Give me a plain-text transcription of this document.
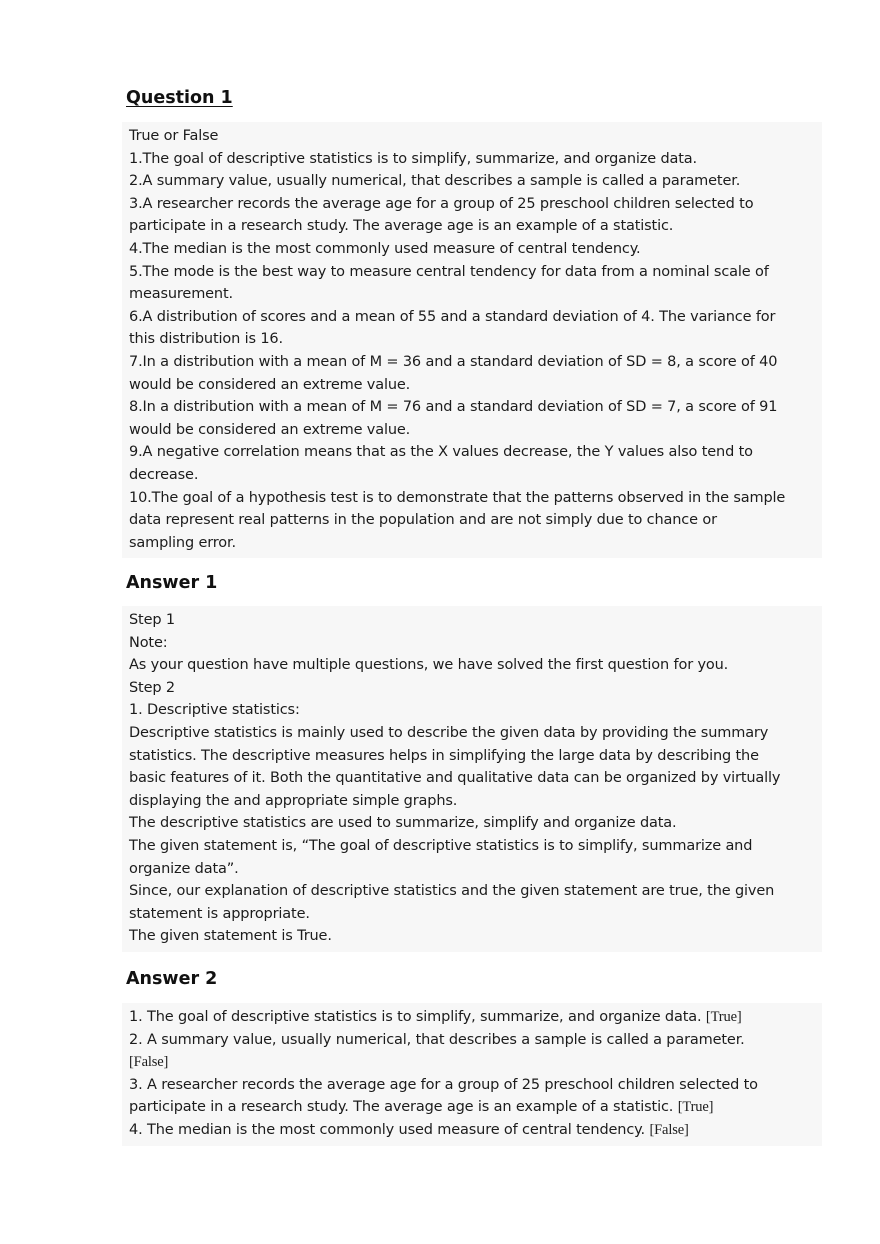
Question 1
True or False
1.The goal of descriptive statistics is to simplify, summarize, and organize data.
2.A summary value, usually numerical, that describes a sample is called a parameter.
3.A researcher records the average age for a group of 25 preschool children selected to
participate in a research study. The average age is an example of a statistic.
4.The median is the most commonly used measure of central tendency.
5.The mode is the best way to measure central tendency for data from a nominal scale of
measurement.
6.A distribution of scores and a mean of 55 and a standard deviation of 4. The variance for
this distribution is 16.
7.In a distribution with a mean of M = 36 and a standard deviation of SD = 8, a score of 40
would be considered an extreme value.
8.In a distribution with a mean of M = 76 and a standard deviation of SD = 7, a score of 91
would be considered an extreme value.
9.A negative correlation means that as the X values decrease, the Y values also tend to
decrease.
10.The goal of a hypothesis test is to demonstrate that the patterns observed in the sample
data represent real patterns in the population and are not simply due to chance or
sampling error.
Answer 1
Step 1
Note:
As your question have multiple questions, we have solved the first question for you.
Step 2
1. Descriptive statistics:
Descriptive statistics is mainly used to describe the given data by providing the summary
statistics. The descriptive measures helps in simplifying the large data by describing the
basic features of it. Both the quantitative and qualitative data can be organized by virtually
displaying the and appropriate simple graphs.
The descriptive statistics are used to summarize, simplify and organize data.
The given statement is, “The goal of descriptive statistics is to simplify, summarize and
organize data”.
Since, our explanation of descriptive statistics and the given statement are true, the given
statement is appropriate.
The given statement is True.
Answer 2
1. The goal of descriptive statistics is to simplify, summarize, and organize data. [True]
2. A summary value, usually numerical, that describes a sample is called a parameter.
[False]
3. A researcher records the average age for a group of 25 preschool children selected to
participate in a research study. The average age is an example of a statistic. [True]
4. The median is the most commonly used measure of central tendency. [False]
